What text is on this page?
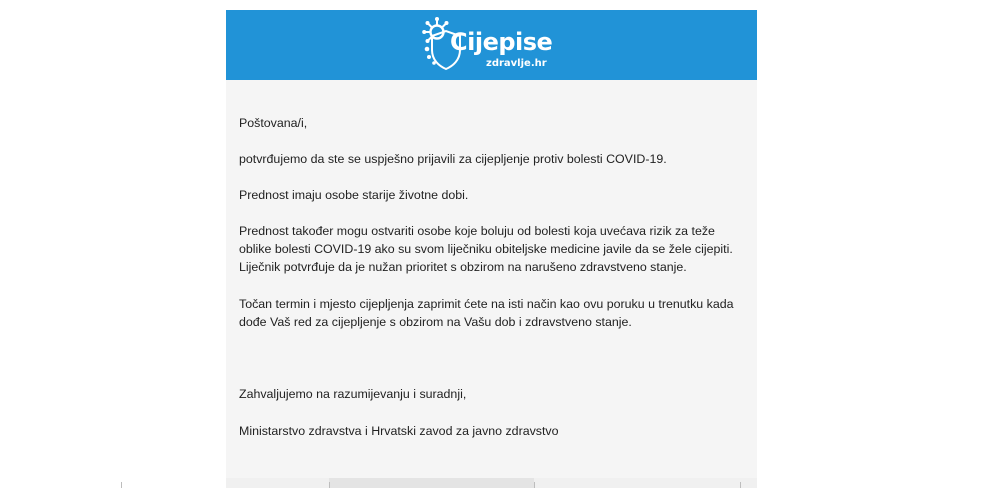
Cijepise
zdravlje.hr

Poštovana/i,

potvrđujemo da ste se uspješno prijavili za cijepljenje protiv bolesti COVID-19.

Prednost imaju osobe starije životne dobi.

Prednost također mogu ostvariti osobe koje boluju od bolesti koja uvećava rizik za teže oblike bolesti COVID-19 ako su svom liječniku obiteljske medicine javile da se žele cijepiti. Liječnik potvrđuje da je nužan prioritet s obzirom na narušeno zdravstveno stanje.

Točan termin i mjesto cijepljenja zaprimit ćete na isti način kao ovu poruku u trenutku kada dođe Vaš red za cijepljenje s obzirom na Vašu dob i zdravstveno stanje.

Zahvaljujemo na razumijevanju i suradnji,

Ministarstvo zdravstva i Hrvatski zavod za javno zdravstvo
